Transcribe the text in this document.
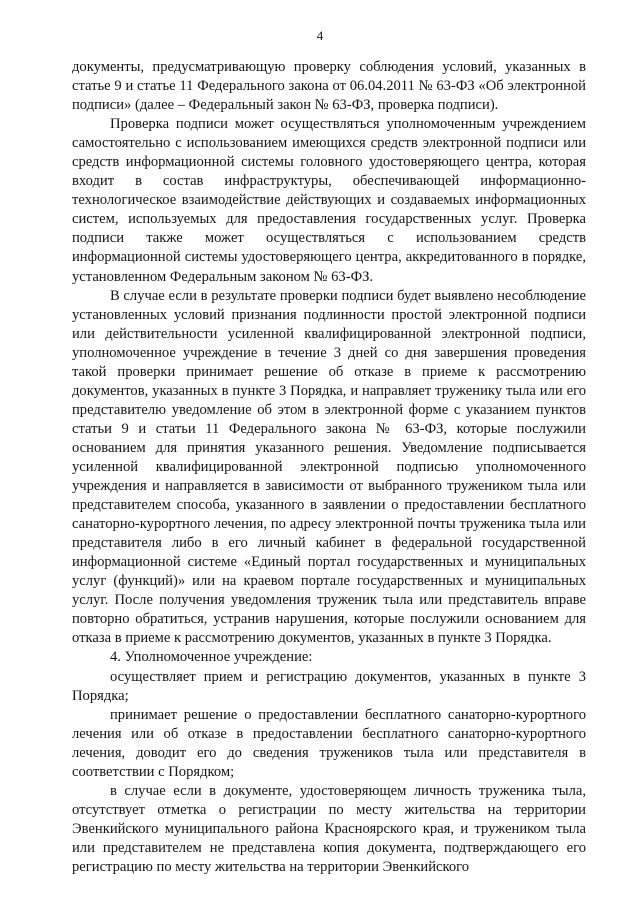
4

документы, предусматривающую проверку соблюдения условий, указанных в статье 9 и статье 11 Федерального закона от 06.04.2011 № 63-ФЗ «Об электронной подписи» (далее – Федеральный закон № 63-ФЗ, проверка подписи).

Проверка подписи может осуществляться уполномоченным учреждением самостоятельно с использованием имеющихся средств электронной подписи или средств информационной системы головного удостоверяющего центра, которая входит в состав инфраструктуры, обеспечивающей информационно-технологическое взаимодействие действующих и создаваемых информационных систем, используемых для предоставления государственных услуг. Проверка подписи также может осуществляться с использованием средств информационной системы удостоверяющего центра, аккредитованного в порядке, установленном Федеральным законом № 63-ФЗ.

В случае если в результате проверки подписи будет выявлено несоблюдение установленных условий признания подлинности простой электронной подписи или действительности усиленной квалифицированной электронной подписи, уполномоченное учреждение в течение 3 дней со дня завершения проведения такой проверки принимает решение об отказе в приеме к рассмотрению документов, указанных в пункте 3 Порядка, и направляет труженику тыла или его представителю уведомление об этом в электронной форме с указанием пунктов статьи 9 и статьи 11 Федерального закона № 63-ФЗ, которые послужили основанием для принятия указанного решения. Уведомление подписывается усиленной квалифицированной электронной подписью уполномоченного учреждения и направляется в зависимости от выбранного тружеником тыла или представителем способа, указанного в заявлении о предоставлении бесплатного санаторно-курортного лечения, по адресу электронной почты труженика тыла или представителя либо в его личный кабинет в федеральной государственной информационной системе «Единый портал государственных и муниципальных услуг (функций)» или на краевом портале государственных и муниципальных услуг. После получения уведомления труженик тыла или представитель вправе повторно обратиться, устранив нарушения, которые послужили основанием для отказа в приеме к рассмотрению документов, указанных в пункте 3 Порядка.

4. Уполномоченное учреждение:

осуществляет прием и регистрацию документов, указанных в пункте 3 Порядка;

принимает решение о предоставлении бесплатного санаторно-курортного лечения или об отказе в предоставлении бесплатного санаторно-курортного лечения, доводит его до сведения тружеников тыла или представителя в соответствии с Порядком;

в случае если в документе, удостоверяющем личность труженика тыла, отсутствует отметка о регистрации по месту жительства на территории Эвенкийского муниципального района Красноярского края, и тружеником тыла или представителем не представлена копия документа, подтверждающего его регистрацию по месту жительства на территории Эвенкийского
